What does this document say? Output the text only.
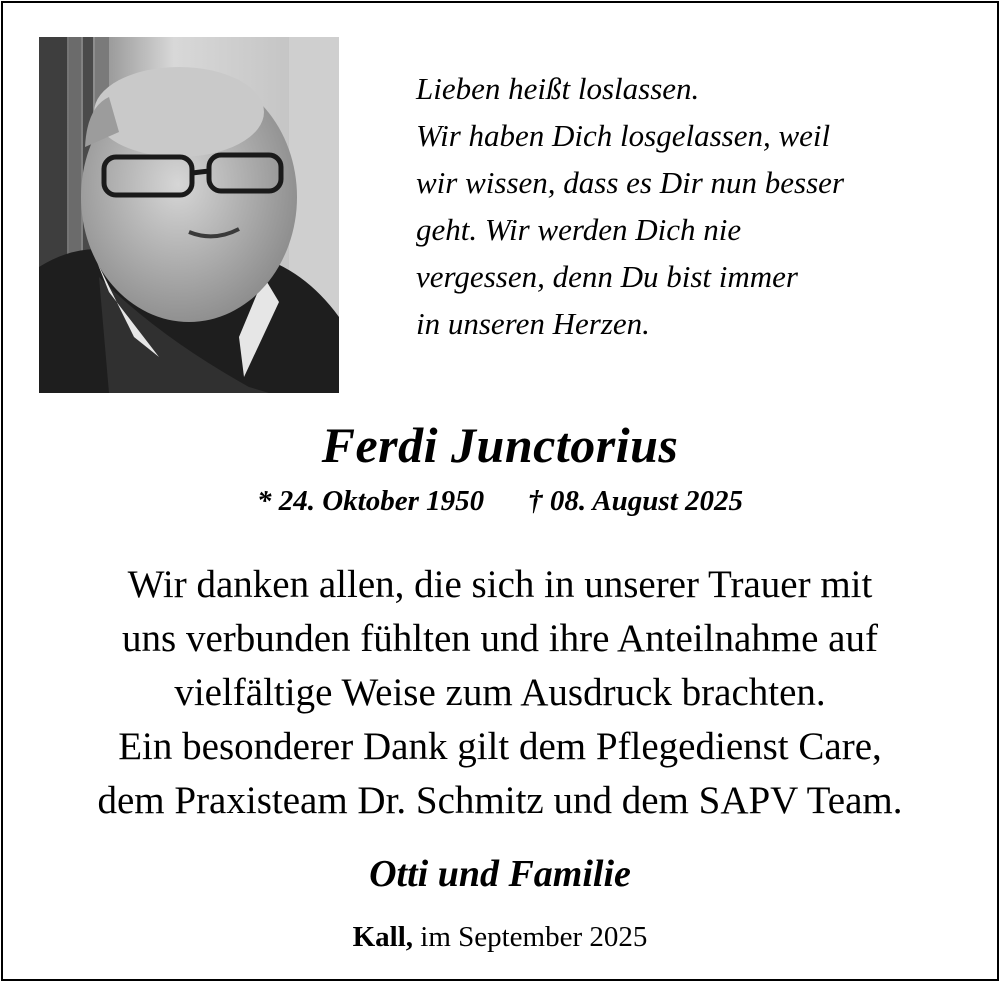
Lieben heißt loslassen.
Wir haben Dich losgelassen, weil
wir wissen, dass es Dir nun besser
geht. Wir werden Dich nie
vergessen, denn Du bist immer
in unseren Herzen.
Ferdi Junctorius
* 24. Oktober 1950 † 08. August 2025
Wir danken allen, die sich in unserer Trauer mit
uns verbunden fühlten und ihre Anteilnahme auf
vielfältige Weise zum Ausdruck brachten.
Ein besonderer Dank gilt dem Pflegedienst Care,
dem Praxisteam Dr. Schmitz und dem SAPV Team.
Otti und Familie
Kall, im September 2025
